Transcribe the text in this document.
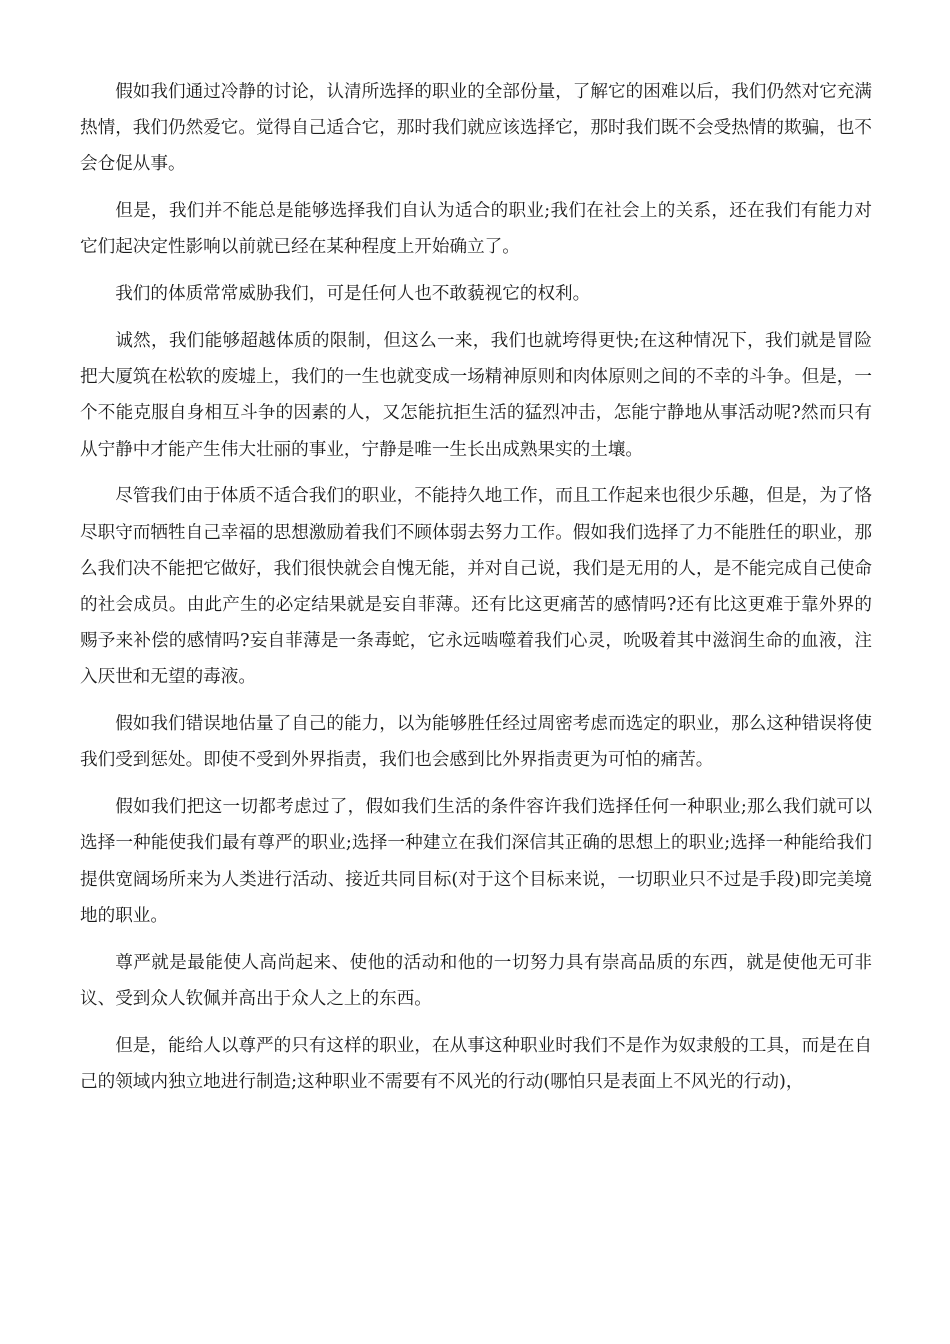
假如我们通过冷静的讨论，认清所选择的职业的全部份量，了解它的困难以后，我们仍然对它充满热情，我们仍然爱它。觉得自己适合它，那时我们就应该选择它，那时我们既不会受热情的欺骗，也不会仓促从事。

但是，我们并不能总是能够选择我们自认为适合的职业;我们在社会上的关系，还在我们有能力对它们起决定性影响以前就已经在某种程度上开始确立了。

我们的体质常常威胁我们，可是任何人也不敢藐视它的权利。

诚然，我们能够超越体质的限制，但这么一来，我们也就垮得更快;在这种情况下，我们就是冒险把大厦筑在松软的废墟上，我们的一生也就变成一场精神原则和肉体原则之间的不幸的斗争。但是，一个不能克服自身相互斗争的因素的人，又怎能抗拒生活的猛烈冲击，怎能宁静地从事活动呢?然而只有从宁静中才能产生伟大壮丽的事业，宁静是唯一生长出成熟果实的土壤。

尽管我们由于体质不适合我们的职业，不能持久地工作，而且工作起来也很少乐趣，但是，为了恪尽职守而牺牲自己幸福的思想激励着我们不顾体弱去努力工作。假如我们选择了力不能胜任的职业，那么我们决不能把它做好，我们很快就会自愧无能，并对自己说，我们是无用的人，是不能完成自己使命的社会成员。由此产生的必定结果就是妄自菲薄。还有比这更痛苦的感情吗?还有比这更难于靠外界的赐予来补偿的感情吗?妄自菲薄是一条毒蛇，它永远啮噬着我们心灵，吮吸着其中滋润生命的血液，注入厌世和无望的毒液。

假如我们错误地估量了自己的能力，以为能够胜任经过周密考虑而选定的职业，那么这种错误将使我们受到惩处。即使不受到外界指责，我们也会感到比外界指责更为可怕的痛苦。

假如我们把这一切都考虑过了，假如我们生活的条件容许我们选择任何一种职业;那么我们就可以选择一种能使我们最有尊严的职业;选择一种建立在我们深信其正确的思想上的职业;选择一种能给我们提供宽阔场所来为人类进行活动、接近共同目标(对于这个目标来说，一切职业只不过是手段)即完美境地的职业。

尊严就是最能使人高尚起来、使他的活动和他的一切努力具有崇高品质的东西，就是使他无可非议、受到众人钦佩并高出于众人之上的东西。

但是，能给人以尊严的只有这样的职业，在从事这种职业时我们不是作为奴隶般的工具，而是在自己的领域内独立地进行制造;这种职业不需要有不风光的行动(哪怕只是表面上不风光的行动)，
